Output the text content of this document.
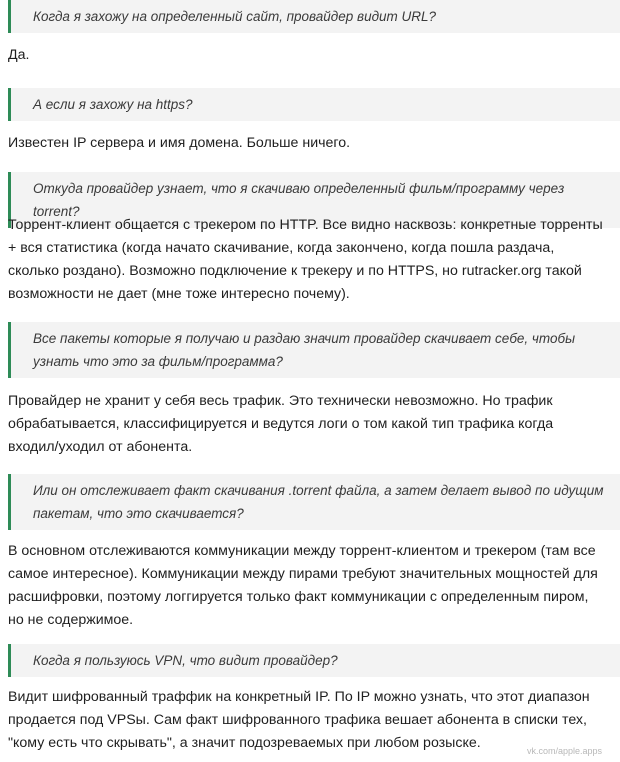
Когда я захожу на определенный сайт, провайдер видит URL?
Да.
А если я захожу на https?
Известен IP сервера и имя домена. Больше ничего.
Откуда провайдер узнает, что я скачиваю определенный фильм/программу через torrent?
Торрент-клиент общается с трекером по HTTP. Все видно насквозь: конкретные торренты + вся статистика (когда начато скачивание, когда закончено, когда пошла раздача, сколько роздано). Возможно подключение к трекеру и по HTTPS, но rutracker.org такой возможности не дает (мне тоже интересно почему).
Все пакеты которые я получаю и раздаю значит провайдер скачивает себе, чтобы узнать что это за фильм/программа?
Провайдер не хранит у себя весь трафик. Это технически невозможно. Но трафик обрабатывается, классифицируется и ведутся логи о том какой тип трафика когда входил/уходил от абонента.
Или он отслеживает факт скачивания .torrent файла, а затем делает вывод по идущим пакетам, что это скачивается?
В основном отслеживаются коммуникации между торрент-клиентом и трекером (там все самое интересное). Коммуникации между пирами требуют значительных мощностей для расшифровки, поэтому логгируется только факт коммуникации с определенным пиром, но не содержимое.
Когда я пользуюсь VPN, что видит провайдер?
Видит шифрованный траффик на конкретный IP. По IP можно узнать, что этот диапазон продается под VPSы. Сам факт шифрованного трафика вешает абонента в списки тех, "кому есть что скрывать", а значит подозреваемых при любом розыске.	vk.com/apple.apps
